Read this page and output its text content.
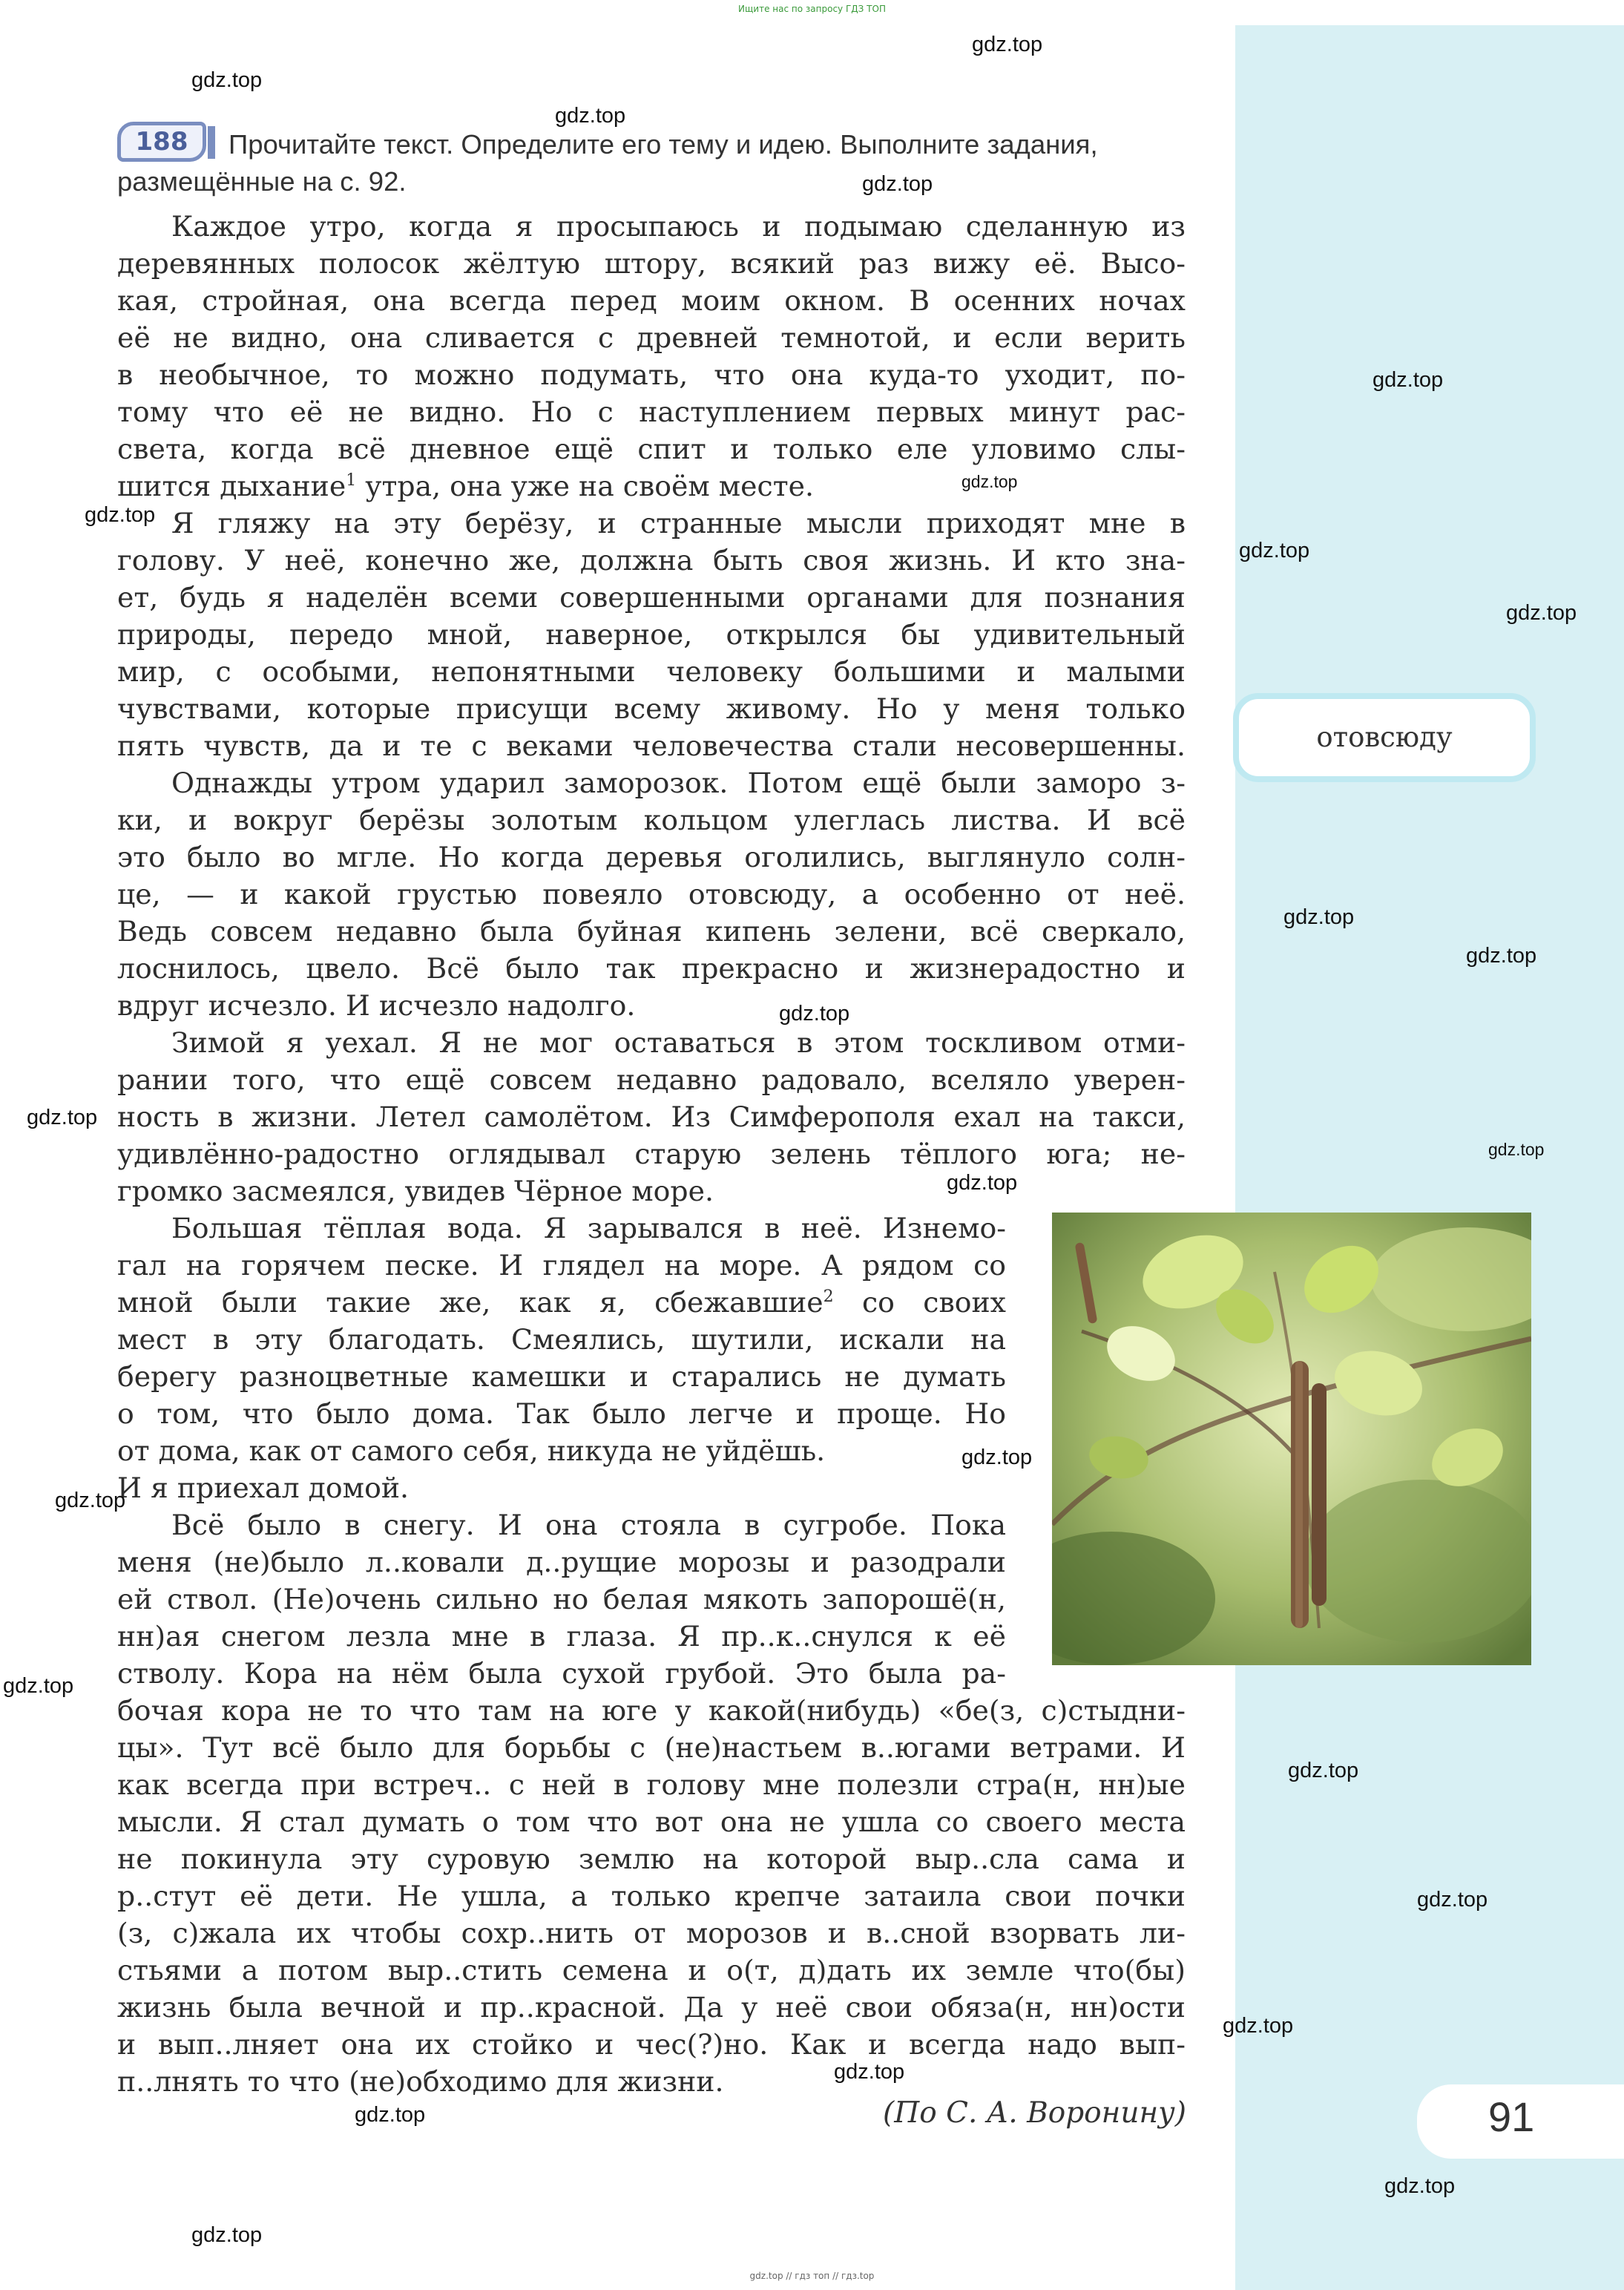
Ищите нас по запросу ГДЗ ТОП
188	Прочитайте текст. Определите его тему и идею. Выполните задания, размещённые на с. 92.
Каждое утро, когда я просыпаюсь и подымаю сделанную из
деревянных полосок жёлтую штору, всякий раз вижу её. Высо-
кая, стройная, она всегда перед моим окном. В осенних ночах
её не видно, она сливается с древней темнотой, и если верить
в необычное, то можно подумать, что она куда-то уходит, по-
тому что её не видно. Но с наступлением первых минут рас-
света, когда всё дневное ещё спит и только еле уловимо слы-
шится дыхание$^1$ утра, она уже на своём месте.
Я гляжу на эту берёзу, и странные мысли приходят мне в
голову. У неё, конечно же, должна быть своя жизнь. И кто зна-
ет, будь я наделён всеми совершенными органами для познания
природы, передо мной, наверное, открылся бы удивительный
мир, с особыми, непонятными человеку большими и малыми
чувствами, которые присущи всему живому. Но у меня только
пять чувств, да и те с веками человечества стали несовершенны.
Однажды утром ударил заморозок. Потом ещё были заморо з-
ки, и вокруг берёзы золотым кольцом улеглась листва. И всё
это было во мгле. Но когда деревья оголились, выглянуло солн-
це, — и какой грустью повеяло отовсюду, а особенно от неё.
Ведь совсем недавно была буйная кипень зелени, всё сверкало,
лоснилось, цвело. Всё было так прекрасно и жизнерадостно и
вдруг исчезло. И исчезло надолго.
Зимой я уехал. Я не мог оставаться в этом тоскливом отми-
рании того, что ещё совсем недавно радовало, вселяло уверен-
ность в жизни. Летел самолётом. Из Симферополя ехал на такси,
удивлённо-радостно оглядывал старую зелень тёплого юга; не-
громко засмеялся, увидев Чёрное море.
Большая тёплая вода. Я зарывался в неё. Изнемо-
гал на горячем песке. И глядел на море. А рядом со
мной были такие же, как я, сбежавшие$^2$ со своих
мест в эту благодать. Смеялись, шутили, искали на
берегу разноцветные камешки и старались не думать
о том, что было дома. Так было легче и проще. Но
от дома, как от самого себя, никуда не уйдёшь.
И я приехал домой.
Всё было в снегу. И она стояла в сугробе. Пока
меня (не)было л..ковали д..рущие морозы и разодрали
ей ствол. (Не)очень сильно но белая мякоть запорошё(н,
нн)ая снегом лезла мне в глаза. Я пр..к..снулся к её
стволу. Кора на нём была сухой грубой. Это была ра-
бочая кора не то что там на юге у какой(нибудь) «бе(з, с)стыдни-
цы». Тут всё было для борьбы с (не)настьем в..югами ветрами. И
как всегда при встреч.. с ней в голову мне полезли стра(н, нн)ые
мысли. Я стал думать о том что вот она не ушла со своего места
не покинула эту суровую землю на которой выр..сла сама и
р..стут её дети. Не ушла, а только крепче затаила свои почки
(з, с)жала их чтобы сохр..нить от морозов и в..сной взорвать ли-
стьями а потом выр..стить семена и о(т, д)дать их земле что(бы)
жизнь была вечной и пр..красной. Да у неё свои обяза(н, нн)ости
и вып..лняет она их стойко и чес(?)но. Как и всегда надо вып-
п..лнять то что (не)обходимо для жизни.
(По С. А. Воронину)
отовсюду
91
gdz.top
gdz.top
gdz.top
gdz.top
gdz.top
gdz.top
gdz.top
gdz.top
gdz.top
gdz.top
gdz.top
gdz.top
gdz.top
gdz.top
gdz.top
gdz.top
gdz.top
gdz.top
gdz.top
gdz.top
gdz.top
gdz.top
gdz.top
gdz.top
gdz.top
gdz.top // гдз топ // гдз.top
